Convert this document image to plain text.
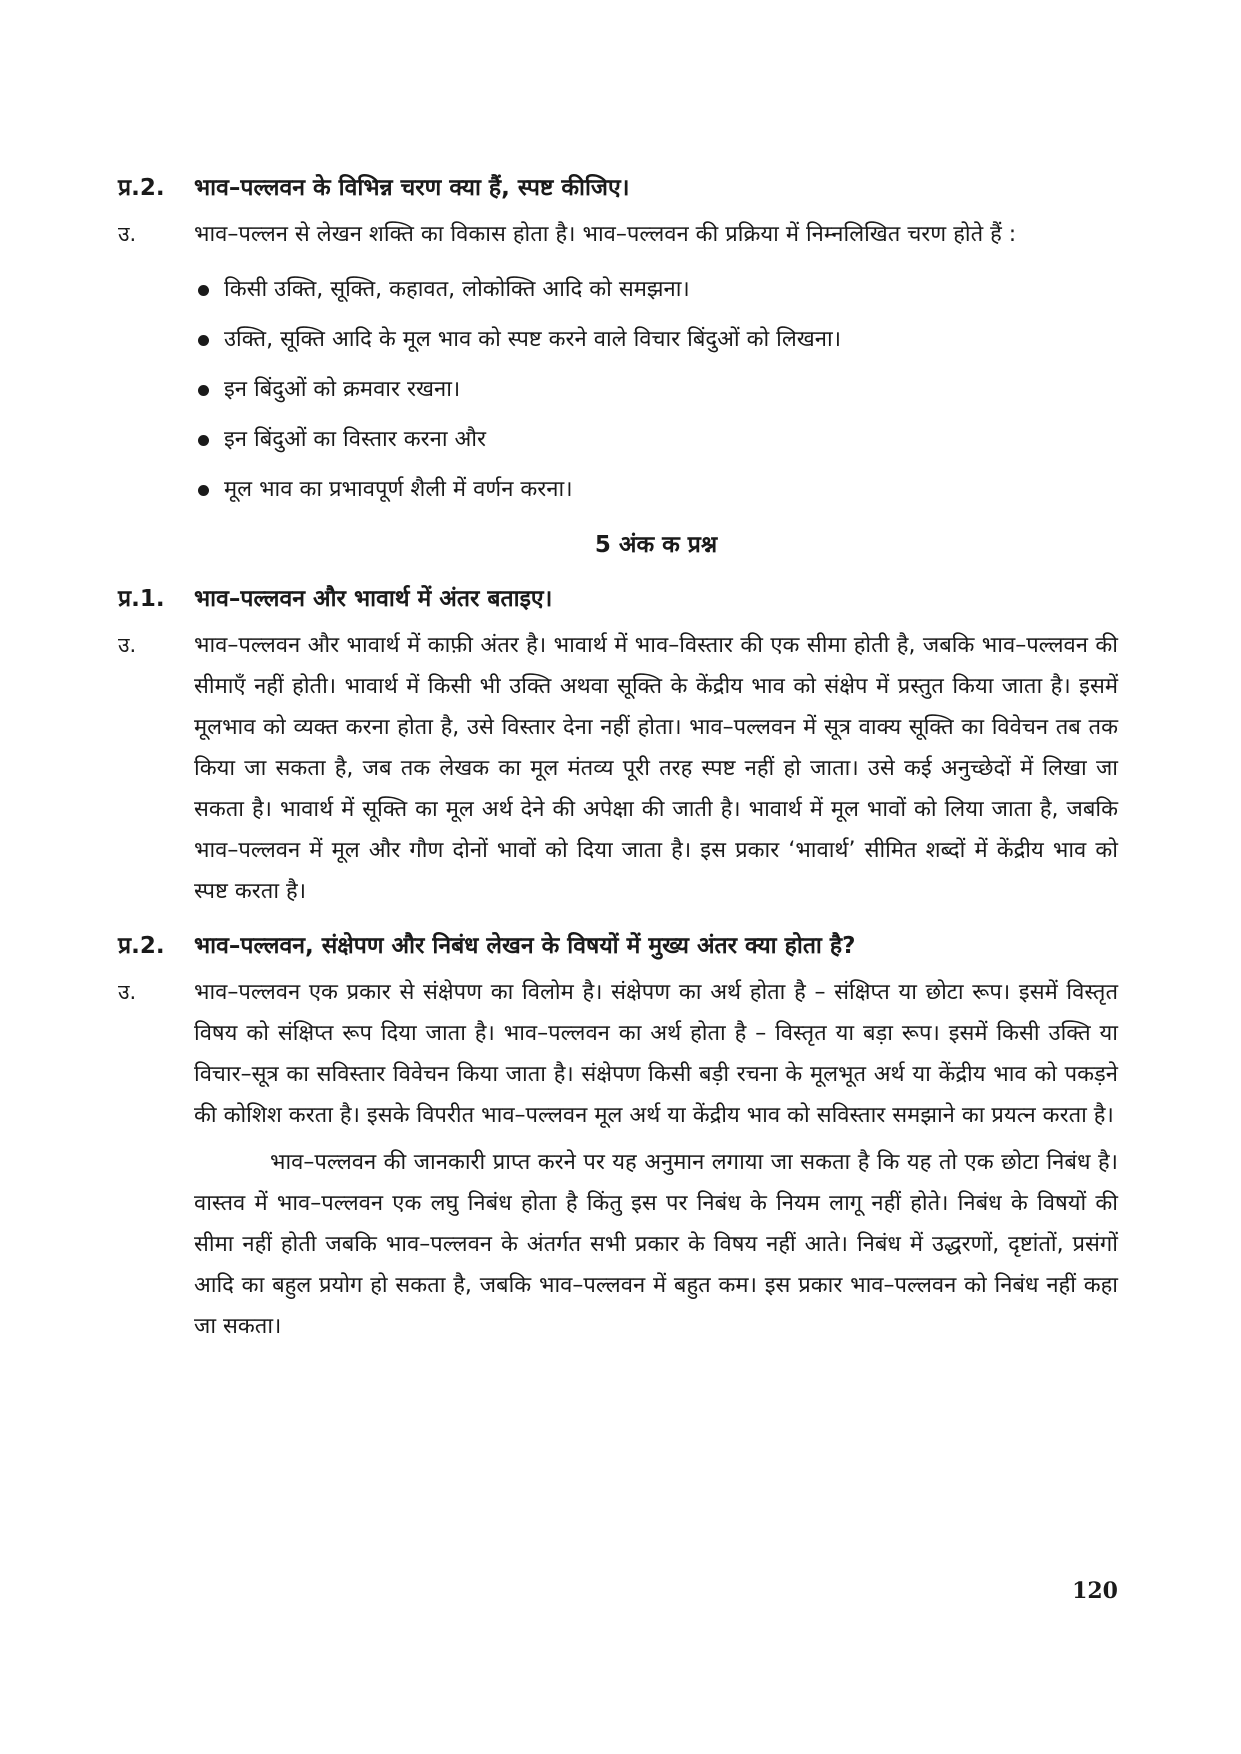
प्र.2.	भाव–पल्लवन के विभिन्न चरण क्या हैं, स्पष्ट कीजिए।
उ.	भाव–पल्लन से लेखन शक्ति का विकास होता है। भाव–पल्लवन की प्रक्रिया में निम्नलिखित चरण होते हैं :
किसी उक्ति, सूक्ति, कहावत, लोकोक्ति आदि को समझना।
उक्ति, सूक्ति आदि के मूल भाव को स्पष्ट करने वाले विचार बिंदुओं को लिखना।
इन बिंदुओं को क्रमवार रखना।
इन बिंदुओं का विस्तार करना और
मूल भाव का प्रभावपूर्ण शैली में वर्णन करना।
5 अंक क प्रश्न
प्र.1.	भाव–पल्लवन और भावार्थ में अंतर बताइए।
उ.	भाव–पल्लवन और भावार्थ में काफ़ी अंतर है। भावार्थ में भाव–विस्तार की एक सीमा होती है, जबकि भाव–पल्लवन की सीमाएँ नहीं होती। भावार्थ में किसी भी उक्ति अथवा सूक्ति के केंद्रीय भाव को संक्षेप में प्रस्तुत किया जाता है। इसमें मूलभाव को व्यक्त करना होता है, उसे विस्तार देना नहीं होता। भाव–पल्लवन में सूत्र वाक्य सूक्ति का विवेचन तब तक किया जा सकता है, जब तक लेखक का मूल मंतव्य पूरी तरह स्पष्ट नहीं हो जाता। उसे कई अनुच्छेदों में लिखा जा सकता है। भावार्थ में सूक्ति का मूल अर्थ देने की अपेक्षा की जाती है। भावार्थ में मूल भावों को लिया जाता है, जबकि भाव–पल्लवन में मूल और गौण दोनों भावों को दिया जाता है। इस प्रकार ‘भावार्थ’ सीमित शब्दों में केंद्रीय भाव को स्पष्ट करता है।
प्र.2.	भाव–पल्लवन, संक्षेपण और निबंध लेखन के विषयों में मुख्य अंतर क्या होता है?
उ.	भाव–पल्लवन एक प्रकार से संक्षेपण का विलोम है। संक्षेपण का अर्थ होता है – संक्षिप्त या छोटा रूप। इसमें विस्तृत विषय को संक्षिप्त रूप दिया जाता है। भाव–पल्लवन का अर्थ होता है – विस्तृत या बड़ा रूप। इसमें किसी उक्ति या विचार–सूत्र का सविस्तार विवेचन किया जाता है। संक्षेपण किसी बड़ी रचना के मूलभूत अर्थ या केंद्रीय भाव को पकड़ने की कोशिश करता है। इसके विपरीत भाव–पल्लवन मूल अर्थ या केंद्रीय भाव को सविस्तार समझाने का प्रयत्न करता है।
भाव–पल्लवन की जानकारी प्राप्त करने पर यह अनुमान लगाया जा सकता है कि यह तो एक छोटा निबंध है। वास्तव में भाव–पल्लवन एक लघु निबंध होता है किंतु इस पर निबंध के नियम लागू नहीं होते। निबंध के विषयों की सीमा नहीं होती जबकि भाव–पल्लवन के अंतर्गत सभी प्रकार के विषय नहीं आते। निबंध में उद्धरणों, दृष्टांतों, प्रसंगों आदि का बहुल प्रयोग हो सकता है, जबकि भाव–पल्लवन में बहुत कम। इस प्रकार भाव–पल्लवन को निबंध नहीं कहा जा सकता।
120
